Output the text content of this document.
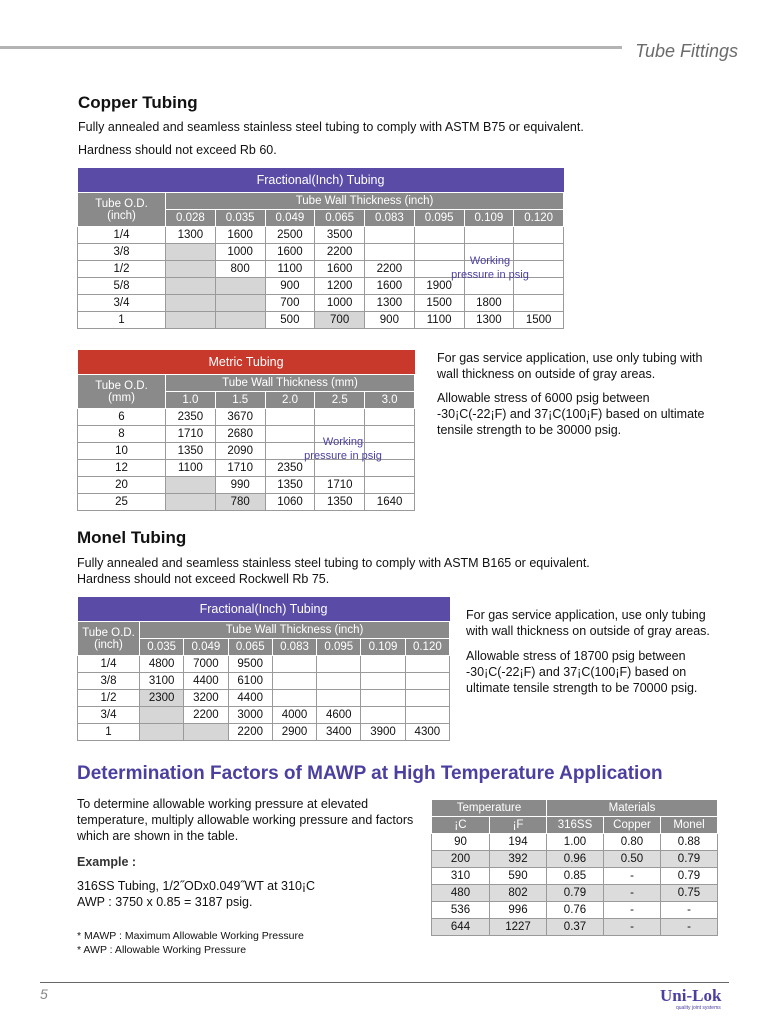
Tube Fittings
Copper Tubing
Fully annealed and seamless stainless steel tubing to comply with ASTM B75 or equivalent.
Hardness should not exceed Rb 60.
Fractional(Inch) Tubing								
Tube O.D.
(inch)	Tube Wall Thickness (inch)							
	0.028	0.035	0.049	0.065	0.083	0.095	0.109	0.120
1/4	1300	1600	2500	3500				
3/8		1000	1600	2200				
1/2		800	1100	1600	2200			
5/8			900	1200	1600	1900		
3/4			700	1000	1300	1500	1800	
1			500	700	900	1100	1300	1500
Working
pressure in psig
Metric Tubing					
Tube O.D.
(mm)	Tube Wall Thickness (mm)				
	1.0	1.5	2.0	2.5	3.0
6	2350	3670			
8	1710	2680			
10	1350	2090			
12	1100	1710	2350		
20		990	1350	1710	
25		780	1060	1350	1640
Working
pressure in psig
For gas service application, use only tubing with wall thickness on outside of gray areas.
Allowable stress of 6000 psig between -30¡C(-22¡F) and 37¡C(100¡F) based on ultimate tensile strength to be 30000 psig.
Monel Tubing
Fully annealed and seamless stainless steel tubing to comply with ASTM B165 or equivalent.
Hardness should not exceed Rockwell Rb 75.
Fractional(Inch) Tubing							
Tube O.D.
(inch)	Tube Wall Thickness (inch)						
	0.035	0.049	0.065	0.083	0.095	0.109	0.120
1/4	4800	7000	9500				
3/8	3100	4400	6100				
1/2	2300	3200	4400				
3/4		2200	3000	4000	4600		
1			2200	2900	3400	3900	4300
For gas service application, use only tubing with wall thickness on outside of gray areas.
Allowable stress of 18700 psig between -30¡C(-22¡F) and 37¡C(100¡F) based on ultimate tensile strength to be 70000 psig.
Determination Factors of MAWP at High Temperature Application
To determine allowable working pressure at elevated temperature, multiply allowable working pressure and factors which are shown in the table.
Example :
316SS Tubing, 1/2˝ODx0.049˝WT at 310¡C
AWP : 3750 x 0.85 = 3187 psig.
* MAWP : Maximum Allowable Working Pressure
* AWP : Allowable Working Pressure
Temperature		Materials		
¡C	¡F	316SS	Copper	Monel
90	194	1.00	0.80	0.88
200	392	0.96	0.50	0.79
310	590	0.85	-	0.79
480	802	0.79	-	0.75
536	996	0.76	-	-
644	1227	0.37	-	-
5	Uni-Lok
quality joint systems
